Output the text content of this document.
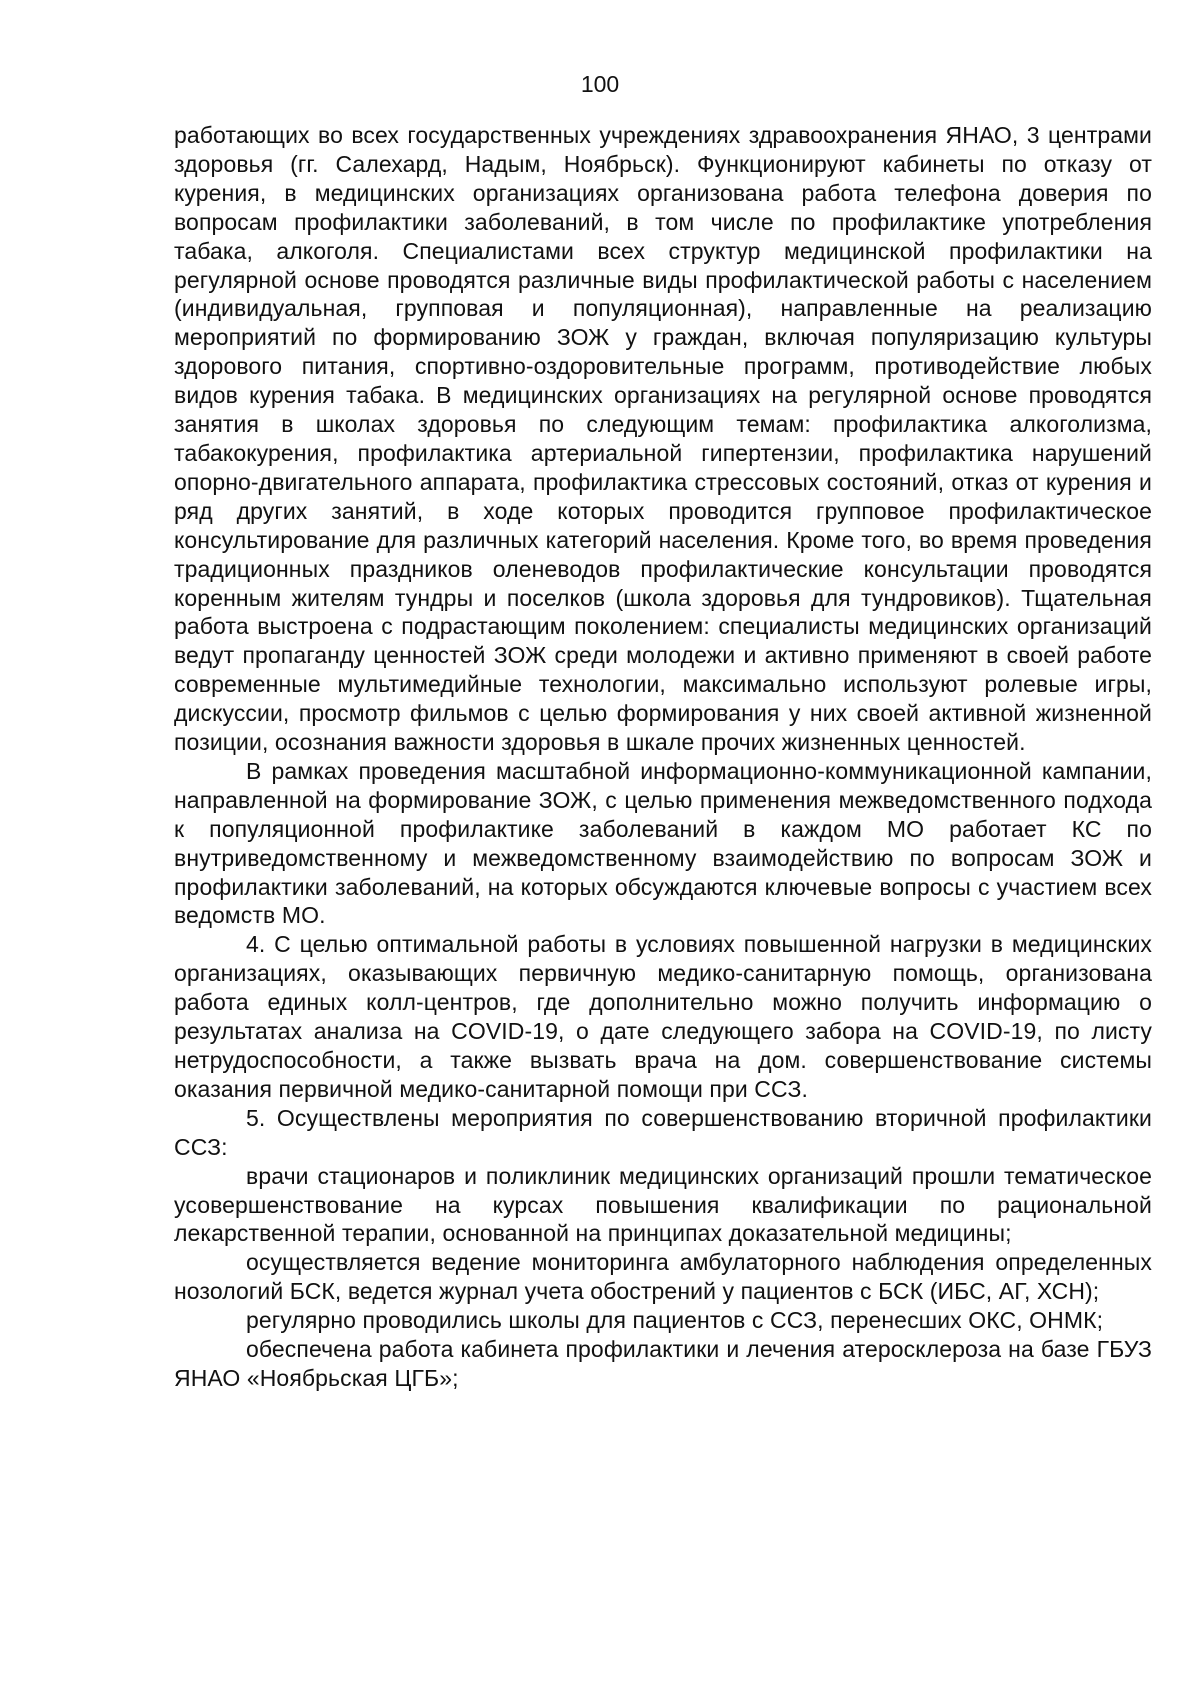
100

работающих во всех государственных учреждениях здравоохранения ЯНАО, 3 центрами здоровья (гг. Салехард, Надым, Ноябрьск). Функционируют кабинеты по отказу от курения, в медицинских организациях организована работа телефона доверия по вопросам профилактики заболеваний, в том числе по профилактике употребления табака, алкоголя. Специалистами всех структур медицинской профилактики на регулярной основе проводятся различные виды профилактической работы с населением (индивидуальная, групповая и популяционная), направленные на реализацию мероприятий по формированию ЗОЖ у граждан, включая популяризацию культуры здорового питания, спортивно-оздоровительные программ, противодействие любых видов курения табака. В медицинских организациях на регулярной основе проводятся занятия в школах здоровья по следующим темам: профилактика алкоголизма, табакокурения, профилактика артериальной гипертензии, профилактика нарушений опорно-двигательного аппарата, профилактика стрессовых состояний, отказ от курения и ряд других занятий, в ходе которых проводится групповое профилактическое консультирование для различных категорий населения. Кроме того, во время проведения традиционных праздников оленеводов профилактические консультации проводятся коренным жителям тундры и поселков (школа здоровья для тундровиков). Тщательная работа выстроена с подрастающим поколением: специалисты медицинских организаций ведут пропаганду ценностей ЗОЖ среди молодежи и активно применяют в своей работе современные мультимедийные технологии, максимально используют ролевые игры, дискуссии, просмотр фильмов с целью формирования у них своей активной жизненной позиции, осознания важности здоровья в шкале прочих жизненных ценностей.

В рамках проведения масштабной информационно-коммуникационной кампании, направленной на формирование ЗОЖ, с целью применения межведомственного подхода к популяционной профилактике заболеваний в каждом МО работает КС по внутриведомственному и межведомственному взаимодействию по вопросам ЗОЖ и профилактики заболеваний, на которых обсуждаются ключевые вопросы с участием всех ведомств МО.

4. С целью оптимальной работы в условиях повышенной нагрузки в медицинских организациях, оказывающих первичную медико-санитарную помощь, организована работа единых колл-центров, где дополнительно можно получить информацию о результатах анализа на COVID-19, о дате следующего забора на COVID-19, по листу нетрудоспособности, а также вызвать врача на дом. совершенствование системы оказания первичной медико-санитарной помощи при ССЗ.

5. Осуществлены мероприятия по совершенствованию вторичной профилактики ССЗ:

врачи стационаров и поликлиник медицинских организаций прошли тематическое усовершенствование на курсах повышения квалификации по рациональной лекарственной терапии, основанной на принципах доказательной медицины;

осуществляется ведение мониторинга амбулаторного наблюдения определенных нозологий БСК, ведется журнал учета обострений у пациентов с БСК (ИБС, АГ, ХСН);

регулярно проводились школы для пациентов с ССЗ, перенесших ОКС, ОНМК;

обеспечена работа кабинета профилактики и лечения атеросклероза на базе ГБУЗ ЯНАО «Ноябрьская ЦГБ»;
